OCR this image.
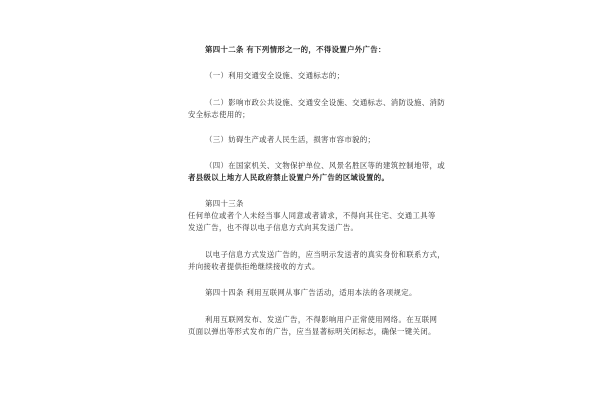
第四十二条 有下列情形之一的，不得设置户外广告：

（一）利用交通安全设施、交通标志的；

（二）影响市政公共设施、交通安全设施、交通标志、消防设施、消防

安全标志使用的；

（三）妨碍生产或者人民生活，损害市容市貌的；

（四）在国家机关、文物保护单位、风景名胜区等的建筑控制地带，或

者县级以上地方人民政府禁止设置户外广告的区域设置的。

第四十三条

任何单位或者个人未经当事人同意或者请求，不得向其住宅、交通工具等

发送广告，也不得以电子信息方式向其发送广告。

以电子信息方式发送广告的，应当明示发送者的真实身份和联系方式，

并向接收者提供拒绝继续接收的方式。

第四十四条 利用互联网从事广告活动，适用本法的各项规定。

利用互联网发布、发送广告，不得影响用户正常使用网络。在互联网

页面以弹出等形式发布的广告，应当显著标明关闭标志，确保一键关闭。
